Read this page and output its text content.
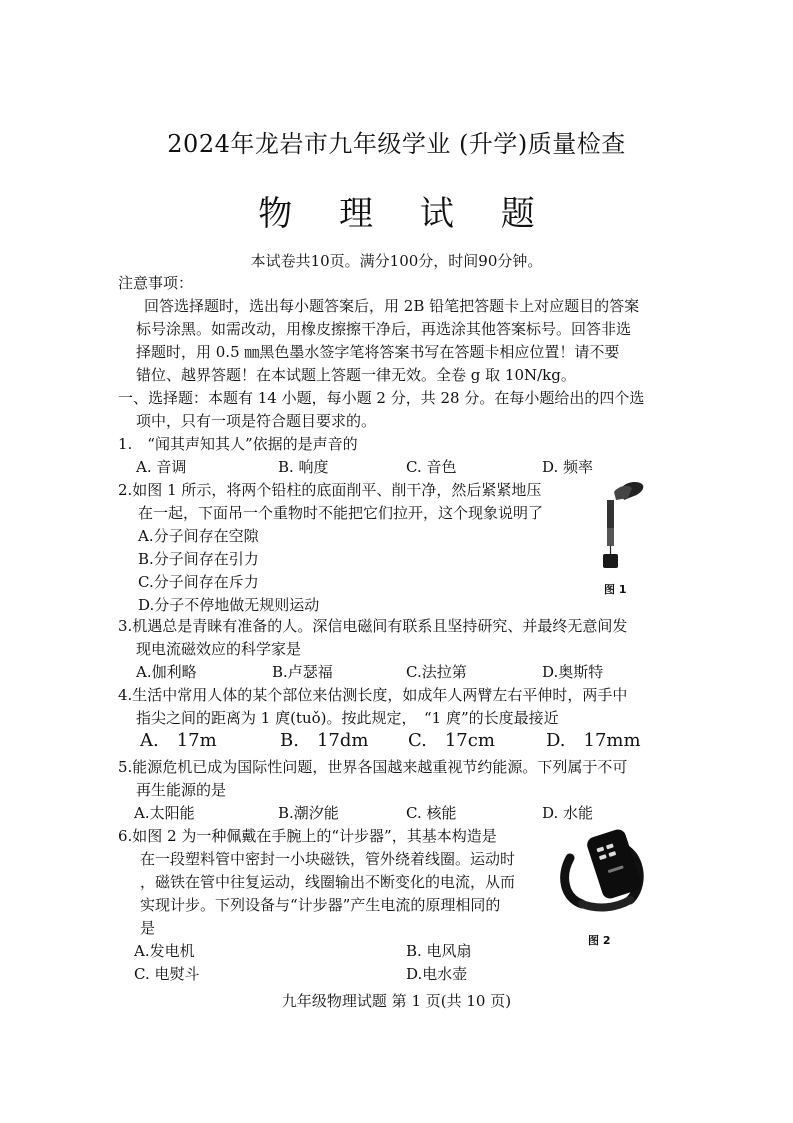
2024年龙岩市九年级学业 (升学)质量检查
物 理 试 题
本试卷共10页。满分100分，时间90分钟。
注意事项：
回答选择题时，选出每小题答案后，用 2B 铅笔把答题卡上对应题目的答案
标号涂黑。如需改动，用橡皮擦擦干净后，再选涂其他答案标号。回答非选
择题时，用 0.5 ㎜黑色墨水签字笔将答案书写在答题卡相应位置！请不要
错位、越界答题！在本试题上答题一律无效。全卷 g 取 10N/kg。
一、选择题：本题有 14 小题，每小题 2 分，共 28 分。在每小题给出的四个选
项中，只有一项是符合题目要求的。
1.　“闻其声知其人”依据的是声音的
A. 音调	B. 响度	C. 音色	D. 频率
2.如图 1 所示，将两个铅柱的底面削平、削干净，然后紧紧地压
在一起，下面吊一个重物时不能把它们拉开，这个现象说明了
A.分子间存在空隙
B.分子间存在引力
C.分子间存在斥力
D.分子不停地做无规则运动
图 1
3.机遇总是青睐有准备的人。深信电磁间有联系且坚持研究、并最终无意间发
现电流磁效应的科学家是
A.伽利略	B.卢瑟福	C.法拉第	D.奥斯特
4.生活中常用人体的某个部位来估测长度，如成年人两臂左右平伸时，两手中
指尖之间的距离为 1 庹(tuǒ)。按此规定，　“1 庹”的长度最接近
A.　17m	B.　17dm C.　17cm	D.　17mm
5.能源危机已成为国际性问题，世界各国越来越重视节约能源。下列属于不可
再生能源的是
A.太阳能	B.潮汐能	C. 核能	D. 水能
6.如图 2 为一种佩戴在手腕上的“计步器”，其基本构造是
在一段塑料管中密封一小块磁铁，管外绕着线圈。运动时
，磁铁在管中往复运动，线圈输出不断变化的电流，从而
实现计步。下列设备与“计步器”产生电流的原理相同的
是
A.发电机	B. 电风扇
C. 电熨斗	D.电水壶
图 2
九年级物理试题 第 1 页(共 10 页)
